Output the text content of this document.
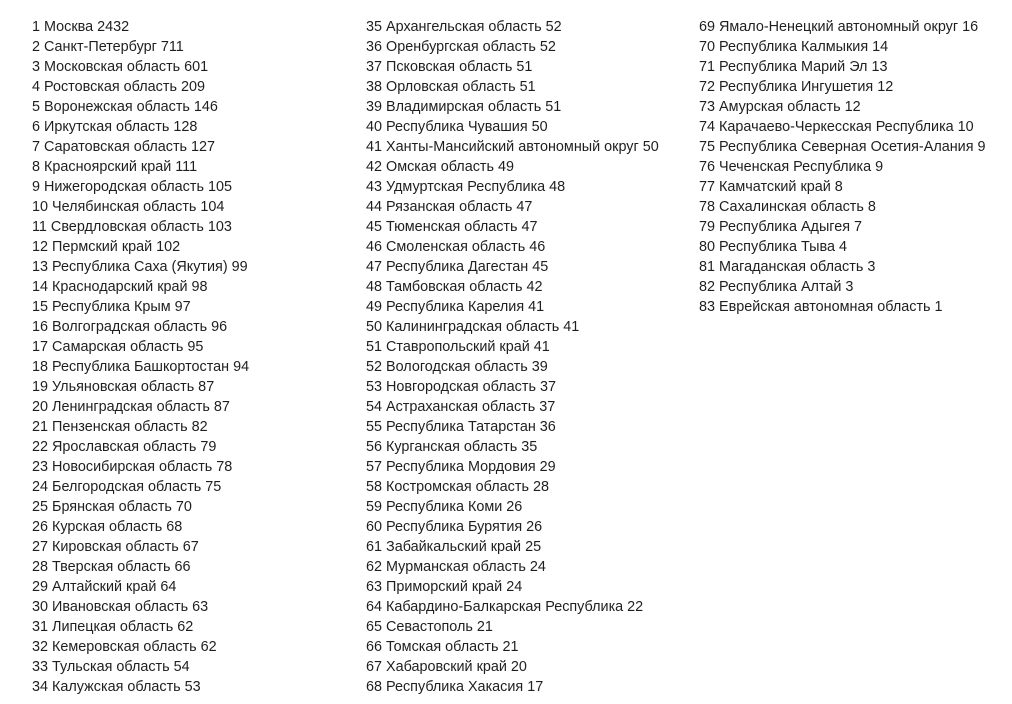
1 Москва 2432
2 Санкт-Петербург 711
3 Московская область 601
4 Ростовская область 209
5 Воронежская область 146
6 Иркутская область 128
7 Саратовская область 127
8 Красноярский край 111
9 Нижегородская область 105
10 Челябинская область 104
11 Свердловская область 103
12 Пермский край 102
13 Республика Саха (Якутия) 99
14 Краснодарский край 98
15 Республика Крым 97
16 Волгоградская область 96
17 Самарская область 95
18 Республика Башкортостан 94
19 Ульяновская область 87
20 Ленинградская область 87
21 Пензенская область 82
22 Ярославская область 79
23 Новосибирская область 78
24 Белгородская область 75
25 Брянская область 70
26 Курская область 68
27 Кировская область 67
28 Тверская область 66
29 Алтайский край 64
30 Ивановская область 63
31 Липецкая область 62
32 Кемеровская область 62
33 Тульская область 54
34 Калужская область 53
35 Архангельская область 52
36 Оренбургская область 52
37 Псковская область 51
38 Орловская область 51
39 Владимирская область 51
40 Республика Чувашия 50
41 Ханты-Мансийский автономный округ 50
42 Омская область 49
43 Удмуртская Республика 48
44 Рязанская область 47
45 Тюменская область 47
46 Смоленская область 46
47 Республика Дагестан 45
48 Тамбовская область 42
49 Республика Карелия 41
50 Калининградская область 41
51 Ставропольский край 41
52 Вологодская область 39
53 Новгородская область 37
54 Астраханская область 37
55 Республика Татарстан 36
56 Курганская область 35
57 Республика Мордовия 29
58 Костромская область 28
59 Республика Коми 26
60 Республика Бурятия 26
61 Забайкальский край 25
62 Мурманская область 24
63 Приморский край 24
64 Кабардино-Балкарская Республика 22
65 Севастополь 21
66 Томская область 21
67 Хабаровский край 20
68 Республика Хакасия 17
69 Ямало-Ненецкий автономный округ 16
70 Республика Калмыкия 14
71 Республика Марий Эл 13
72 Республика Ингушетия 12
73 Амурская область 12
74 Карачаево-Черкесская Республика 10
75 Республика Северная Осетия-Алания 9
76 Чеченская Республика 9
77 Камчатский край 8
78 Сахалинская область 8
79 Республика Адыгея 7
80 Республика Тыва 4
81 Магаданская область 3
82 Республика Алтай 3
83 Еврейская автономная область 1
